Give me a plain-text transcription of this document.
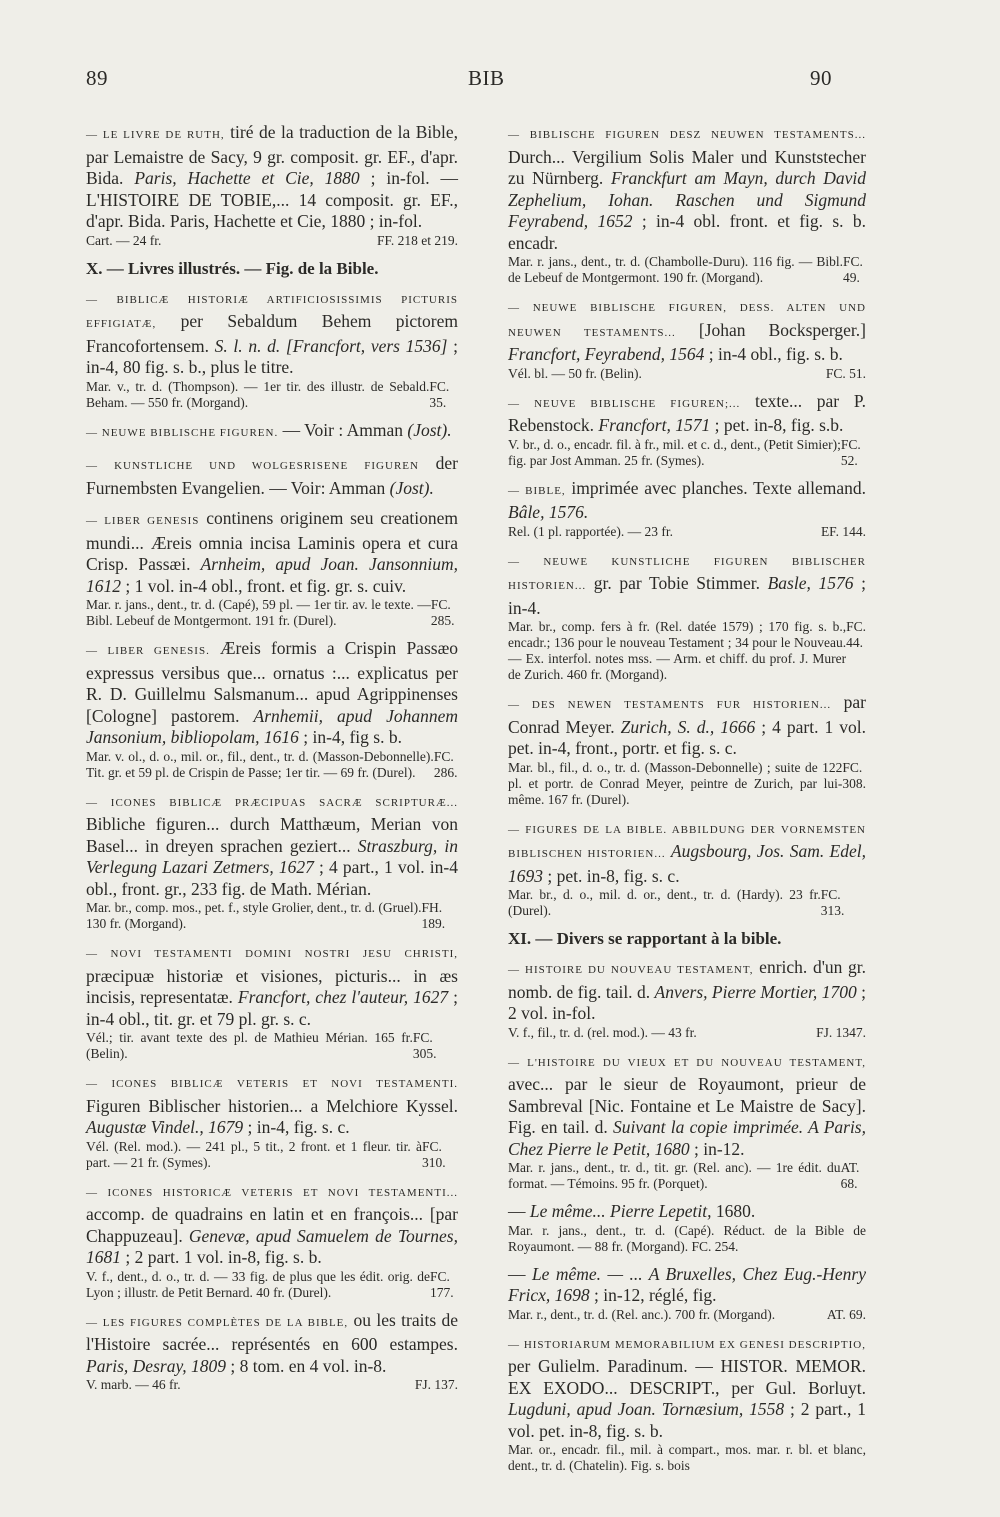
89	BIB	90
— LE LIVRE DE RUTH, tiré de la traduction de la Bible, par Lemaistre de Sacy, 9 gr. composit. gr. EF., d'apr. Bida. Paris, Hachette et Cie, 1880 ; in-fol. — L'HISTOIRE DE TOBIE,... 14 composit. gr. EF., d'apr. Bida. Paris, Hachette et Cie, 1880 ; in-fol.
Cart. — 24 fr.	FF. 218 et 219.
X. — Livres illustrés. — Fig. de la Bible.
— BIBLICÆ HISTORIÆ ARTIFICIOSISSIMIS PICTURIS EFFIGIATÆ, per Sebaldum Behem pictorem Francofortensem. S. l. n. d. [Francfort, vers 1536] ; in-4, 80 fig. s. b., plus le titre.
Mar. v., tr. d. (Thompson). — 1er tir. des illustr. de Sebald. Beham. — 550 fr. (Morgand).
FC. 35.
— NEUWE BIBLISCHE FIGUREN. — Voir : Amman (Jost).
— KUNSTLICHE UND WOLGESRISENE FIGUREN der Furnembsten Evangelien. — Voir: Amman (Jost).
— LIBER GENESIS continens originem seu creationem mundi... Æreis omnia incisa Laminis opera et cura Crisp. Passæi. Arnheim, apud Joan. Jansonnium, 1612 ; 1 vol. in-4 obl., front. et fig. gr. s. cuiv.
Mar. r. jans., dent., tr. d. (Capé), 59 pl. — 1er tir. av. le texte. — Bibl. Lebeuf de Montgermont. 191 fr. (Durel).
FC. 285.
— LIBER GENESIS. Æreis formis a Crispin Passæo expressus versibus que... ornatus :... explicatus per R. D. Guillelmu Salsmanum... apud Agrippinenses [Cologne] pastorem. Arnhemii, apud Johannem Jansonium, bibliopolam, 1616 ; in-4, fig s. b.
Mar. v. ol., d. o., mil. or., fil., dent., tr. d. (Masson-Debonnelle). Tit. gr. et 59 pl. de Crispin de Passe; 1er tir. — 69 fr. (Durel).
FC. 286.
— ICONES BIBLICÆ PRÆCIPUAS SACRÆ SCRIPTURÆ... Bibliche figuren... durch Matthæum, Merian von Basel... in dreyen sprachen geziert... Straszburg, in Verlegung Lazari Zetmers, 1627 ; 4 part., 1 vol. in-4 obl., front. gr., 233 fig. de Math. Mérian.
Mar. br., comp. mos., pet. f., style Grolier, dent., tr. d. (Gruel). 130 fr. (Morgand).
FH. 189.
— NOVI TESTAMENTI DOMINI NOSTRI JESU CHRISTI, præcipuæ historiæ et visiones, picturis... in æs incisis, representatæ. Francfort, chez l'auteur, 1627 ; in-4 obl., tit. gr. et 79 pl. gr. s. c.
Vél.; tir. avant texte des pl. de Mathieu Mérian. 165 fr. (Belin).
FC. 305.
— ICONES BIBLICÆ VETERIS ET NOVI TESTAMENTI. Figuren Biblischer historien... a Melchiore Kyssel. Augustæ Vindel., 1679 ; in-4, fig. s. c.
Vél. (Rel. mod.). — 241 pl., 5 tit., 2 front. et 1 fleur. tir. à part. — 21 fr. (Symes).
FC. 310.
— ICONES HISTORICÆ VETERIS ET NOVI TESTAMENTI... accomp. de quadrains en latin et en françois... [par Chappuzeau]. Genevæ, apud Samuelem de Tournes, 1681 ; 2 part. 1 vol. in-8, fig. s. b.
V. f., dent., d. o., tr. d. — 33 fig. de plus que les édit. orig. de Lyon ; illustr. de Petit Bernard. 40 fr. (Durel).
FC. 177.
— LES FIGURES COMPLÈTES DE LA BIBLE, ou les traits de l'Histoire sacrée... représentés en 600 estampes. Paris, Desray, 1809 ; 8 tom. en 4 vol. in-8.
V. marb. — 46 fr.	FJ. 137.
— BIBLISCHE FIGUREN DESZ NEUWEN TESTAMENTS... Durch... Vergilium Solis Maler und Kunststecher zu Nürnberg. Franckfurt am Mayn, durch David Zephelium, Iohan. Raschen und Sigmund Feyrabend, 1652 ; in-4 obl. front. et fig. s. b. encadr.
Mar. r. jans., dent., tr. d. (Chambolle-Duru). 116 fig. — Bibl. de Lebeuf de Montgermont. 190 fr. (Morgand).
FC. 49.
— NEUWE BIBLISCHE FIGUREN, DESS. ALTEN UND NEUWEN TESTAMENTS... [Johan Bocksperger.] Francfort, Feyrabend, 1564 ; in-4 obl., fig. s. b.
Vél. bl. — 50 fr. (Belin).	FC. 51.
— NEUVE BIBLISCHE FIGUREN;... texte... par P. Rebenstock. Francfort, 1571 ; pet. in-8, fig. s.b.
V. br., d. o., encadr. fil. à fr., mil. et c. d., dent., (Petit Simier); fig. par Jost Amman. 25 fr. (Symes).
FC. 52.
— BIBLE, imprimée avec planches. Texte allemand. Bâle, 1576.
Rel. (1 pl. rapportée). — 23 fr.	EF. 144.
— NEUWE KUNSTLICHE FIGUREN BIBLISCHER HISTORIEN... gr. par Tobie Stimmer. Basle, 1576 ; in-4.
Mar. br., comp. fers à fr. (Rel. datée 1579) ; 170 fig. s. b., encadr.; 136 pour le nouveau Testament ; 34 pour le Nouveau. — Ex. interfol. notes mss. — Arm. et chiff. du prof. J. Murer de Zurich. 460 fr. (Morgand).
FC. 44.
— DES NEWEN TESTAMENTS FUR HISTORIEN... par Conrad Meyer. Zurich, S. d., 1666 ; 4 part. 1 vol. pet. in-4, front., portr. et fig. s. c.
Mar. bl., fil., d. o., tr. d. (Masson-Debonnelle) ; suite de 122 pl. et portr. de Conrad Meyer, peintre de Zurich, par lui-même. 167 fr. (Durel).
FC. 308.
— FIGURES DE LA BIBLE. ABBILDUNG DER VORNEMSTEN BIBLISCHEN HISTORIEN... Augsbourg, Jos. Sam. Edel, 1693 ; pet. in-8, fig. s. c.
Mar. br., d. o., mil. d. or., dent., tr. d. (Hardy). 23 fr. (Durel).
FC. 313.
XI. — Divers se rapportant à la bible.
— HISTOIRE DU NOUVEAU TESTAMENT, enrich. d'un gr. nomb. de fig. tail. d. Anvers, Pierre Mortier, 1700 ; 2 vol. in-fol.
V. f., fil., tr. d. (rel. mod.). — 43 fr.	FJ. 1347.
— L'HISTOIRE DU VIEUX ET DU NOUVEAU TESTAMENT, avec... par le sieur de Royaumont, prieur de Sambreval [Nic. Fontaine et Le Maistre de Sacy]. Fig. en tail. d. Suivant la copie imprimée. A Paris, Chez Pierre le Petit, 1680 ; in-12.
Mar. r. jans., dent., tr. d., tit. gr. (Rel. anc). — 1re édit. du format. — Témoins. 95 fr. (Porquet).
AT. 68.
— Le même... Pierre Lepetit, 1680.
Mar. r. jans., dent., tr. d. (Capé). Réduct. de la Bible de Royaumont. — 88 fr. (Morgand). FC. 254.
— Le même. — ... A Bruxelles, Chez Eug.-Henry Fricx, 1698 ; in-12, réglé, fig.
Mar. r., dent., tr. d. (Rel. anc.). 700 fr. (Morgand).	AT. 69.
— HISTORIARUM MEMORABILIUM EX GENESI DESCRIPTIO, per Gulielm. Paradinum. — HISTOR. MEMOR. EX EXODO... DESCRIPT., per Gul. Borluyt. Lugduni, apud Joan. Tornæsium, 1558 ; 2 part., 1 vol. pet. in-8, fig. s. b.
Mar. or., encadr. fil., mil. à compart., mos. mar. r. bl. et blanc, dent., tr. d. (Chatelin). Fig. s. bois
